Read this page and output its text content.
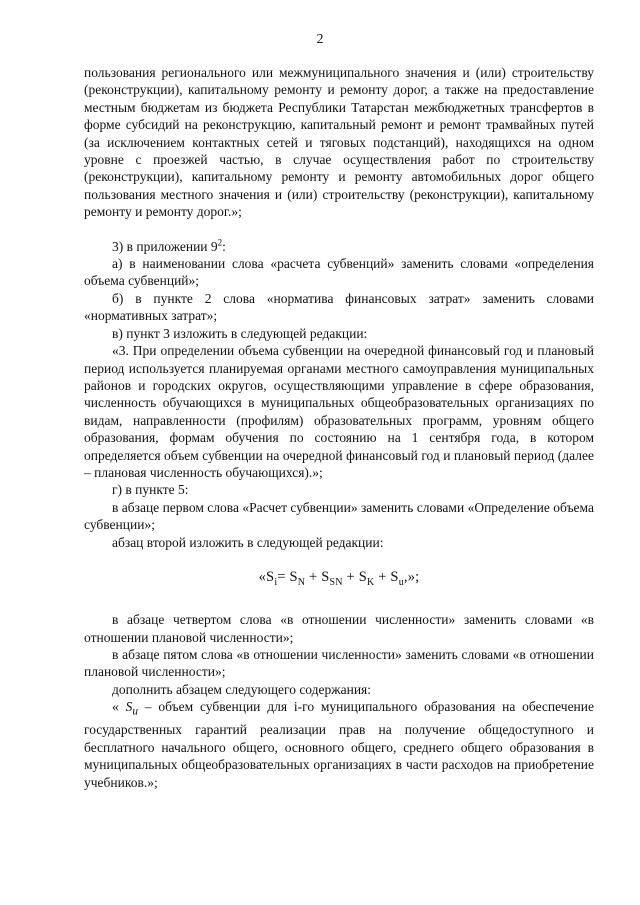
2

пользования регионального или межмуниципального значения и (или) строительству (реконструкции), капитальному ремонту и ремонту дорог, а также на предоставление местным бюджетам из бюджета Республики Татарстан межбюджетных трансфертов в форме субсидий на реконструкцию, капитальный ремонт и ремонт трамвайных путей (за исключением контактных сетей и тяговых подстанций), находящихся на одном уровне с проезжей частью, в случае осуществления работ по строительству (реконструкции), капитальному ремонту и ремонту автомобильных дорог общего пользования местного значения и (или) строительству (реконструкции), капитальному ремонту и ремонту дорог.»;

3) в приложении $9^2$:

а) в наименовании слова «расчета субвенций» заменить словами «определения объема субвенций»;

б) в пункте 2 слова «норматива финансовых затрат» заменить словами «нормативных затрат»;

в) пункт 3 изложить в следующей редакции:

«3. При определении объема субвенции на очередной финансовый год и плановый период используется планируемая органами местного самоуправления муниципальных районов и городских округов, осуществляющими управление в сфере образования, численность обучающихся в муниципальных общеобразовательных организациях по видам, направленности (профилям) образовательных программ, уровням общего образования, формам обучения по состоянию на 1 сентября года, в котором определяется объем субвенции на очередной финансовый год и плановый период (далее – плановая численность обучающихся).»;

г) в пункте 5:

в абзаце первом слова «Расчет субвенции» заменить словами «Определение объема субвенции»;

абзац второй изложить в следующей редакции:

«$S_i= S_N + S_{SN} + S_K + S_u$,»;

в абзаце четвертом слова «в отношении численности» заменить словами «в отношении плановой численности»;

в абзаце пятом слова «в отношении численности» заменить словами «в отношении плановой численности»;

дополнить абзацем следующего содержания:

« $S_u$ – объем субвенции для i-го муниципального образования на обеспечение государственных гарантий реализации прав на получение общедоступного и бесплатного начального общего, основного общего, среднего общего образования в муниципальных общеобразовательных организациях в части расходов на приобретение учебников.»;
